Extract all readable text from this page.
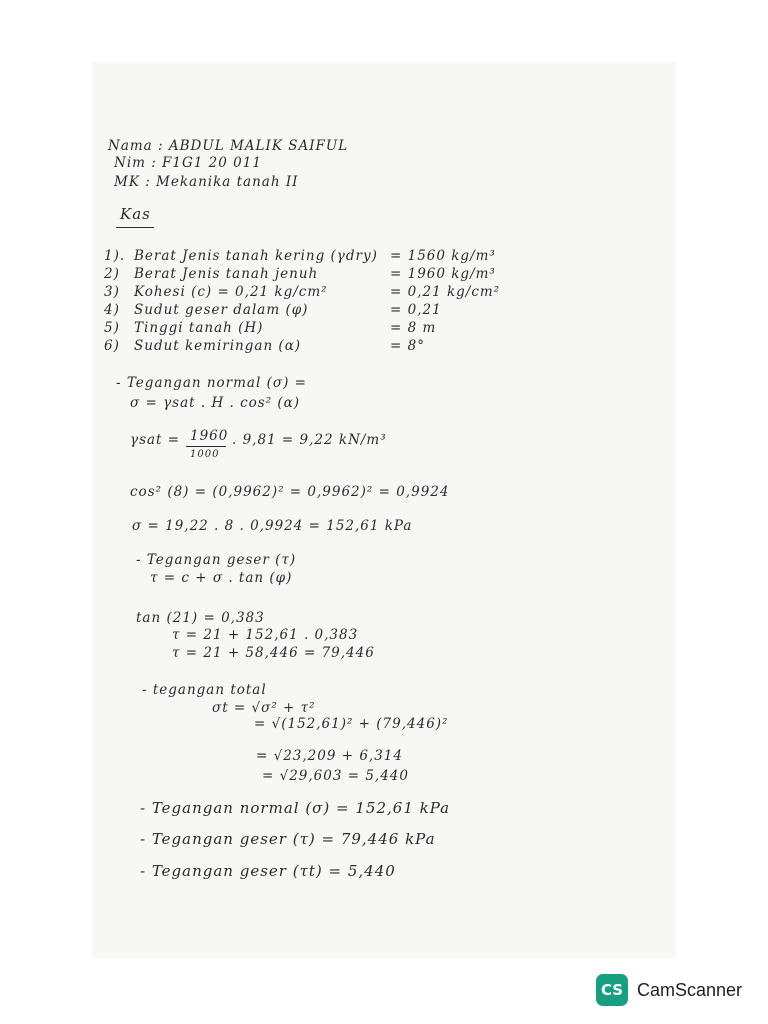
Nama : ABDUL MALIK SAIFUL
Nim : F1G1 20 011
MK : Mekanika tanah II
Kas
1). Berat Jenis tanah kering (γdry) = 1560 kg/m³
2) Berat Jenis tanah jenuh	= 1960 kg/m³
3) Kohesi (c) = 0,21 kg/cm²	= 0,21 kg/cm²
4) Sudut geser dalam (φ)	= 0,21
5) Tinggi tanah (H)	= 8 m
6) Sudut kemiringan (α)	= 8°
- Tegangan normal (σ) =
σ = γsat . H . cos² (α)
γsat = 1960
1000
. 9,81 = 9,22 kN/m³
cos² (8) = (0,9962)² = 0,9962)² = 0,9924
σ = 19,22 . 8 . 0,9924 = 152,61 kPa
- Tegangan geser (τ)
τ = c + σ . tan (φ)
tan (21) = 0,383
τ = 21 + 152,61 . 0,383
τ = 21 + 58,446 = 79,446
- tegangan total
σt = √σ² + τ²
= √(152,61)² + (79,446)²
= √23,209 + 6,314
= √29,603 = 5,440
- Tegangan normal (σ) = 152,61 kPa
- Tegangan geser (τ) = 79,446 kPa
- Tegangan geser (τt) = 5,440
CS CamScanner
